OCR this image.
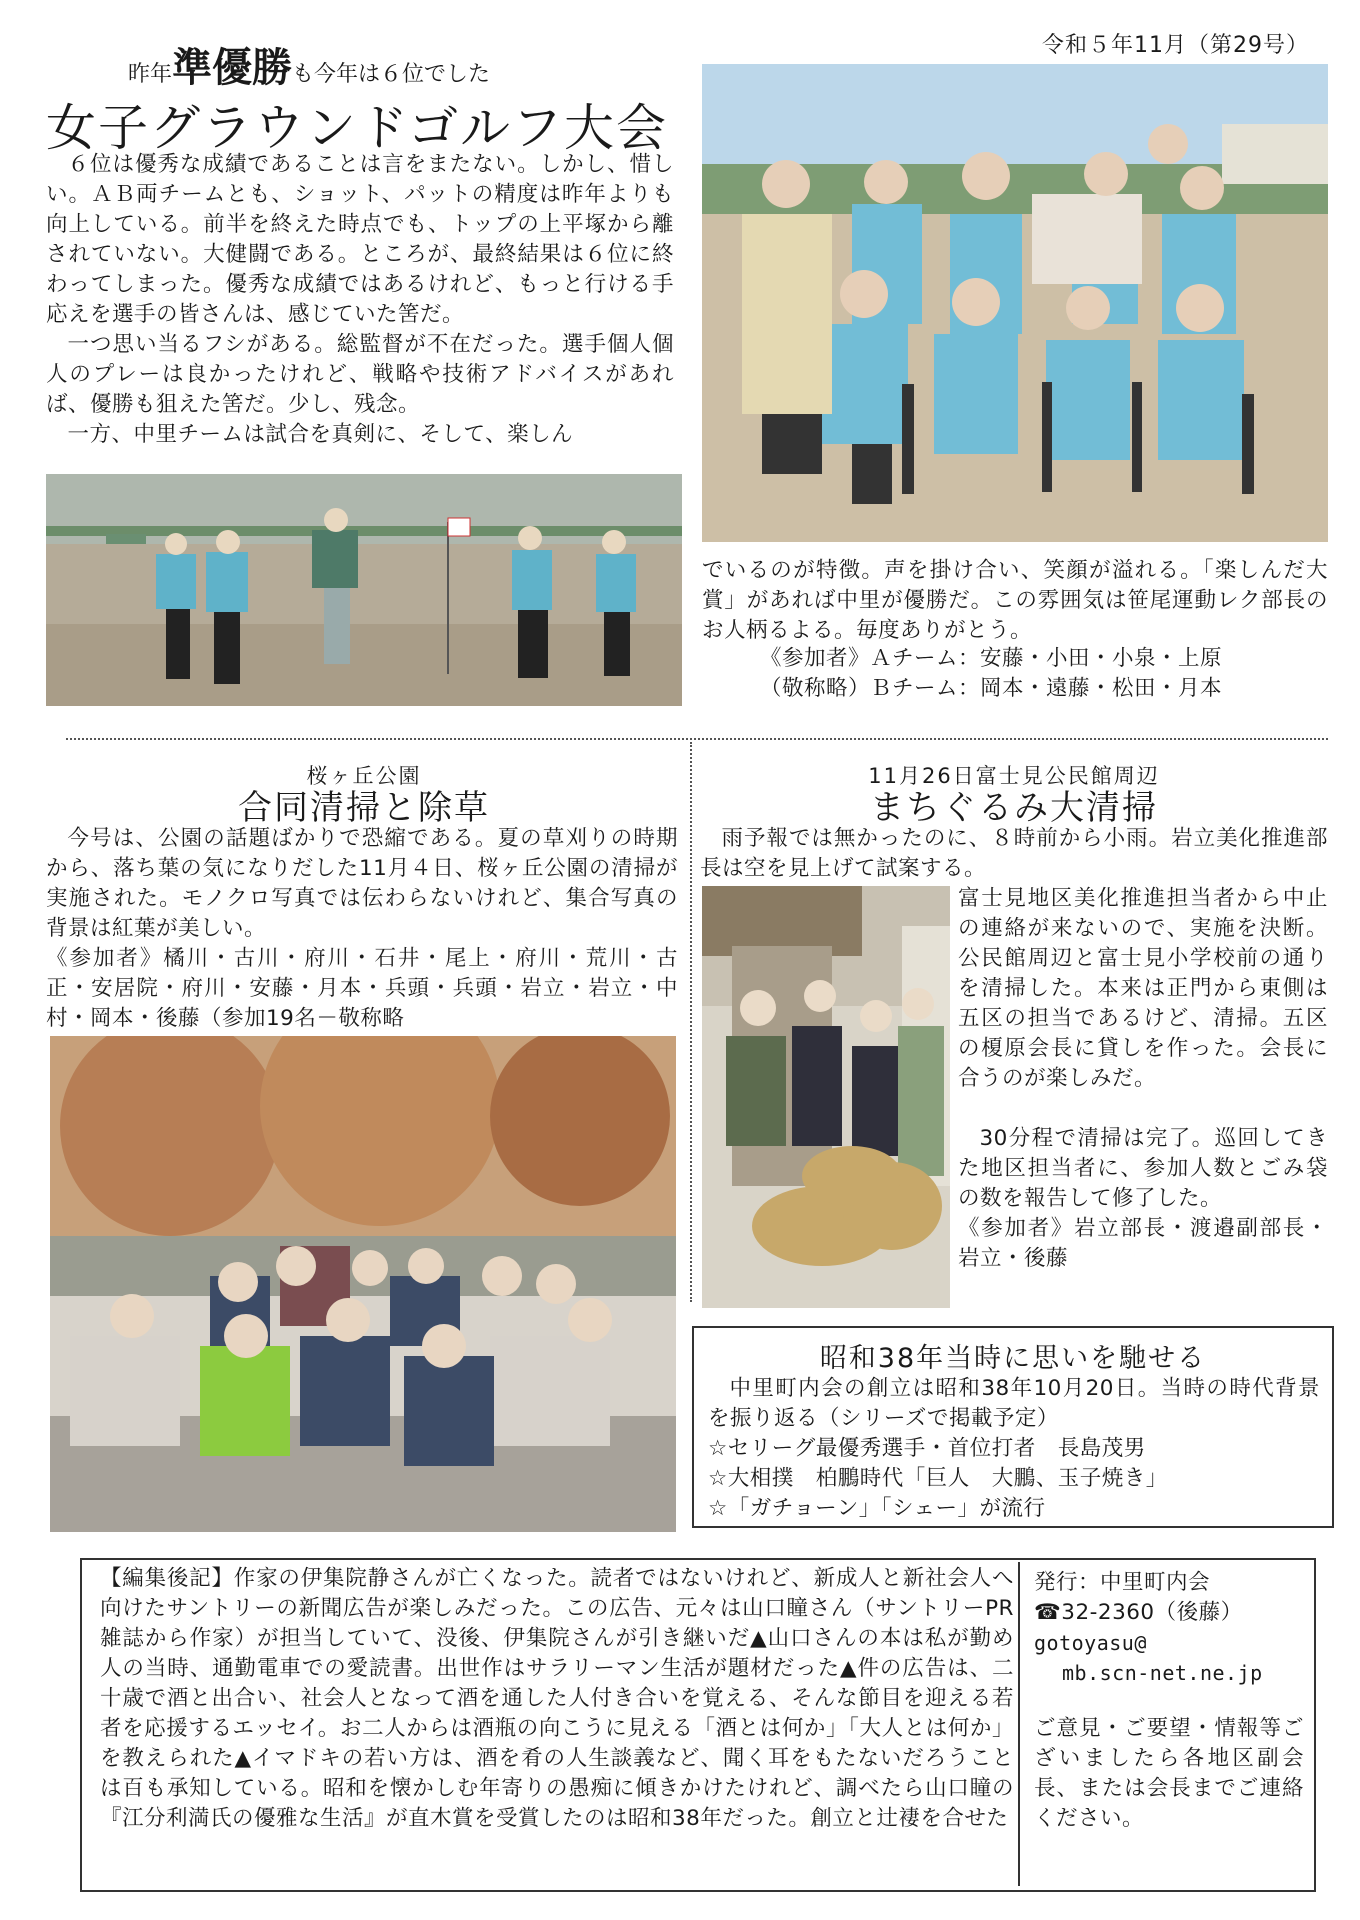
令和５年11月（第29号）
昨年準優勝も今年は６位でした
女子グラウンドゴルフ大会

６位は優秀な成績であることは言をまたない。しかし、惜しい。ＡＢ両チームとも、ショット、パットの精度は昨年よりも向上している。前半を終えた時点でも、トップの上平塚から離されていない。大健闘である。ところが、最終結果は６位に終わってしまった。優秀な成績ではあるけれど、もっと行ける手応えを選手の皆さんは、感じていた筈だ。

一つ思い当るフシがある。総監督が不在だった。選手個人個人のプレーは良かったけれど、戦略や技術アドバイスがあれば、優勝も狙えた筈だ。少し、残念。

一方、中里チームは試合を真剣に、そして、楽しん

でいるのが特徴。声を掛け合い、笑顔が溢れる。「楽しんだ大賞」があれば中里が優勝だ。この雰囲気は笹尾運動レク部長のお人柄るよる。毎度ありがとう。

《参加者》Ａチーム：安藤・小田・小泉・上原
（敬称略）Ｂチーム：岡本・遠藤・松田・月本
桜ヶ丘公園
合同清掃と除草

今号は、公園の話題ばかりで恐縮である。夏の草刈りの時期から、落ち葉の気になりだした11月４日、桜ヶ丘公園の清掃が実施された。モノクロ写真では伝わらないけれど、集合写真の背景は紅葉が美しい。

《参加者》橘川・古川・府川・石井・尾上・府川・荒川・古正・安居院・府川・安藤・月本・兵頭・兵頭・岩立・岩立・中村・岡本・後藤（参加19名－敬称略

11月26日富士見公民館周辺
まちぐるみ大清掃

雨予報では無かったのに、８時前から小雨。岩立美化推進部長は空を見上げて試案する。

富士見地区美化推進担当者から中止の連絡が来ないので、実施を決断。公民館周辺と富士見小学校前の通りを清掃した。本来は正門から東側は五区の担当であるけど、清掃。五区の榎原会長に貸しを作った。会長に合うのが楽しみだ。

30分程で清掃は完了。巡回してきた地区担当者に、参加人数とごみ袋の数を報告して修了した。

《参加者》岩立部長・渡邉副部長・岩立・後藤

昭和38年当時に思いを馳せる

中里町内会の創立は昭和38年10月20日。当時の時代背景を振り返る（シリーズで掲載予定）

☆セリーグ最優秀選手・首位打者　長島茂男
☆大相撲　柏鵬時代「巨人　大鵬、玉子焼き」
☆「ガチョーン」「シェー」が流行

【編集後記】作家の伊集院静さんが亡くなった。読者ではないけれど、新成人と新社会人へ向けたサントリーの新聞広告が楽しみだった。この広告、元々は山口瞳さん（サントリーPR雑誌から作家）が担当していて、没後、伊集院さんが引き継いだ▲山口さんの本は私が勤め人の当時、通勤電車での愛読書。出世作はサラリーマン生活が題材だった▲件の広告は、二十歳で酒と出合い、社会人となって酒を通した人付き合いを覚える、そんな節目を迎える若者を応援するエッセイ。お二人からは酒瓶の向こうに見える「酒とは何か」「大人とは何か」を教えられた▲イマドキの若い方は、酒を肴の人生談義など、聞く耳をもたないだろうことは百も承知している。昭和を懐かしむ年寄りの愚痴に傾きかけたけれど、調べたら山口瞳の『江分利満氏の優雅な生活』が直木賞を受賞したのは昭和38年だった。創立と辻褄を合せた

発行：中里町内会
☎32-2360（後藤）
gotoyasu@
mb.scn-net.ne.jp

ご意見・ご要望・情報等ございましたら各地区副会長、または会長までご連絡ください。
